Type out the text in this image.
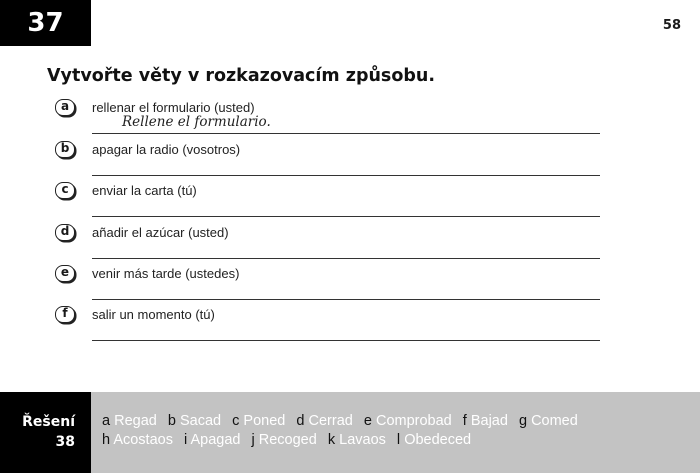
37	58
Vytvořte věty v rozkazovacím způsobu.
a	rellenar el formulario (usted)
Rellene el formulario.
b	apagar la radio (vosotros)
c	enviar la carta (tú)
d	añadir el azúcar (usted)
e	venir más tarde (ustedes)
f	salir un momento (tú)
Řešení
38
a Regad b Sacad c Poned d Cerrad e Comprobad f Bajad g Comed
h Acostaos i Apagad j Recoged k Lavaos l Obedeced
